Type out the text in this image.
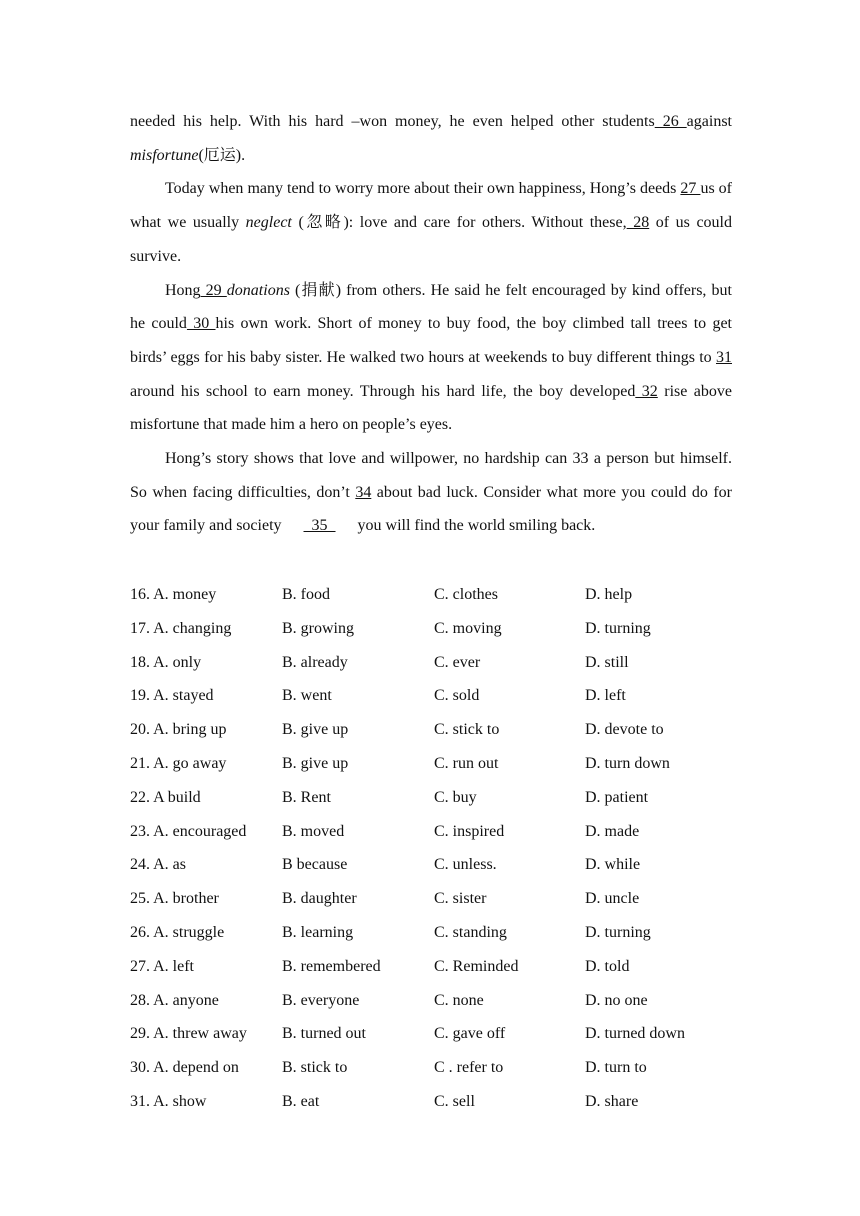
needed his help. With his hard –won money, he even helped other students 26 against misfortune(厄运).

Today when many tend to worry more about their own happiness, Hong’s deeds 27 us of what we usually neglect (忽略): love and care for others. Without these, 28 of us could survive.

Hong 29 donations (捐献) from others. He said he felt encouraged by kind offers, but he could 30 his own work. Short of money to buy food, the boy climbed tall trees to get birds’ eggs for his baby sister. He walked two hours at weekends to buy different things to 31 around his school to earn money. Through his hard life, the boy developed 32 rise above misfortune that made him a hero on people’s eyes.

Hong’s story shows that love and willpower, no hardship can 33 a person but himself. So when facing difficulties, don’t 34 about bad luck. Consider what more you could do for your family and society   35   you will find the world smiling back.

16. A. money	B. food	C. clothes	D. help
17. A. changing	B. growing	C. moving	D. turning
18. A. only	B. already	C. ever	D. still
19. A. stayed	B. went	C. sold	D. left
20. A. bring up	B. give up	C. stick to	D. devote to
21. A. go away	B. give up	C. run out	D. turn down
22. A build	B. Rent	C. buy	D. patient
23. A. encouraged	B. moved	C. inspired	D. made
24. A. as	B because	C. unless.	D. while
25. A. brother	B. daughter	C. sister	D. uncle
26. A. struggle	B. learning	C. standing	D. turning
27. A. left	B. remembered	C. Reminded	D. told
28. A. anyone	B. everyone	C. none	D. no one
29. A. threw away	B. turned out	C. gave off	D. turned down
30. A. depend on	B. stick to	C . refer to	D. turn to
31. A. show	B. eat	C. sell	D. share
